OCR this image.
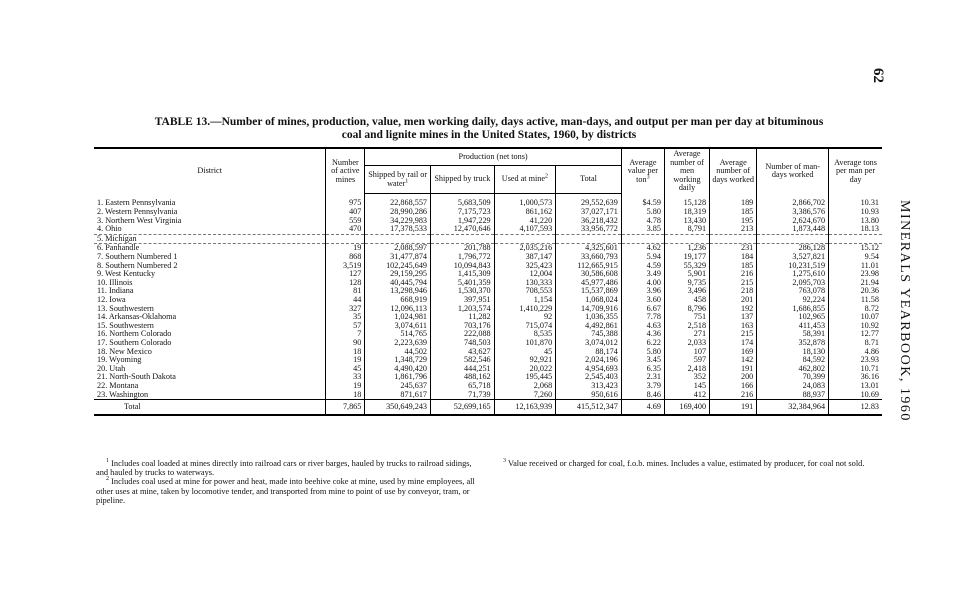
62
MINERALS YEARBOOK, 1960
TABLE 13.—Number of mines, production, value, men working daily, days active, man-days, and output per man per day at bituminous
coal and lignite mines in the United States, 1960, by districts
District	Number of active mines	Production (net tons)				Average value per ton$^3$	Average number of men working daily	Average number of days worked	Number of man-days worked	Average tons per man per day
		Shipped by rail or water$^1$	Shipped by truck	Used at mine$^2$	Total					

1. Eastern Pennsylvania	975	22,868,557	5,683,509	1,000,573	29,552,639	$4.59	15,128	189	2,866,702	10.31
2. Western Pennsylvania	407	28,990,286	7,175,723	861,162	37,027,171	5.80	18,319	185	3,386,576	10.93
3. Northern West Virginia	559	34,229,983	1,947,229	41,220	36,218,432	4.78	13,430	195	2,624,670	13.80
4. Ohio	470	17,378,533	12,470,646	4,107,593	33,956,772	3.85	8,791	213	1,873,448	18.13
5. Michigan										
6. Panhandle	19	2,088,597	201,788	2,035,216	4,325,601	4.62	1,236	231	286,128	15.12
7. Southern Numbered 1	868	31,477,874	1,796,772	387,147	33,660,793	5.94	19,177	184	3,527,821	9.54
8. Southern Numbered 2	3,519	102,245,649	10,094,843	325,423	112,665,915	4.59	55,329	185	10,231,519	11.01
9. West Kentucky	127	29,159,295	1,415,309	12,004	30,586,608	3.49	5,901	216	1,275,610	23.98
10. Illinois	128	40,445,794	5,401,359	130,333	45,977,486	4.00	9,735	215	2,095,703	21.94
11. Indiana	81	13,298,946	1,530,370	708,553	15,537,869	3.96	3,496	218	763,078	20.36
12. Iowa	44	668,919	397,951	1,154	1,068,024	3.60	458	201	92,224	11.58
13. Southwestern	327	12,096,113	1,203,574	1,410,229	14,709,916	6.67	8,796	192	1,686,855	8.72
14. Arkansas-Oklahoma	35	1,024,981	11,282	92	1,036,355	7.78	751	137	102,965	10.07
15. Southwestern	57	3,074,611	703,176	715,074	4,492,861	4.63	2,518	163	411,453	10.92
16. Northern Colorado	7	514,765	222,088	8,535	745,388	4.36	271	215	58,391	12.77
17. Southern Colorado	90	2,223,639	748,503	101,870	3,074,012	6.22	2,033	174	352,878	8.71
18. New Mexico	18	44,502	43,627	45	88,174	5.80	107	169	18,130	4.86
19. Wyoming	19	1,348,729	582,546	92,921	2,024,196	3.45	597	142	84,592	23.93
20. Utah	45	4,490,420	444,251	20,022	4,954,693	6.35	2,418	191	462,802	10.71
21. North-South Dakota	33	1,861,796	488,162	195,445	2,545,403	2.31	352	200	70,399	36.16
22. Montana	19	245,637	65,718	2,068	313,423	3.79	145	166	24,083	13.01
23. Washington	18	871,617	71,739	7,260	950,616	8.46	412	216	88,937	10.69
Total	7,865	350,649,243	52,699,165	12,163,939	415,512,347	4.69	169,400	191	32,384,964	12.83

$^1$ Includes coal loaded at mines directly into railroad cars or river barges, hauled by trucks to railroad sidings, and hauled by trucks to waterways.

$^2$ Includes coal used at mine for power and heat, made into beehive coke at mine, used by mine employees, all other uses at mine, taken by locomotive tender, and transported from mine to point of use by conveyor, tram, or pipeline.

$^3$ Value received or charged for coal, f.o.b. mines. Includes a value, estimated by producer, for coal not sold.
